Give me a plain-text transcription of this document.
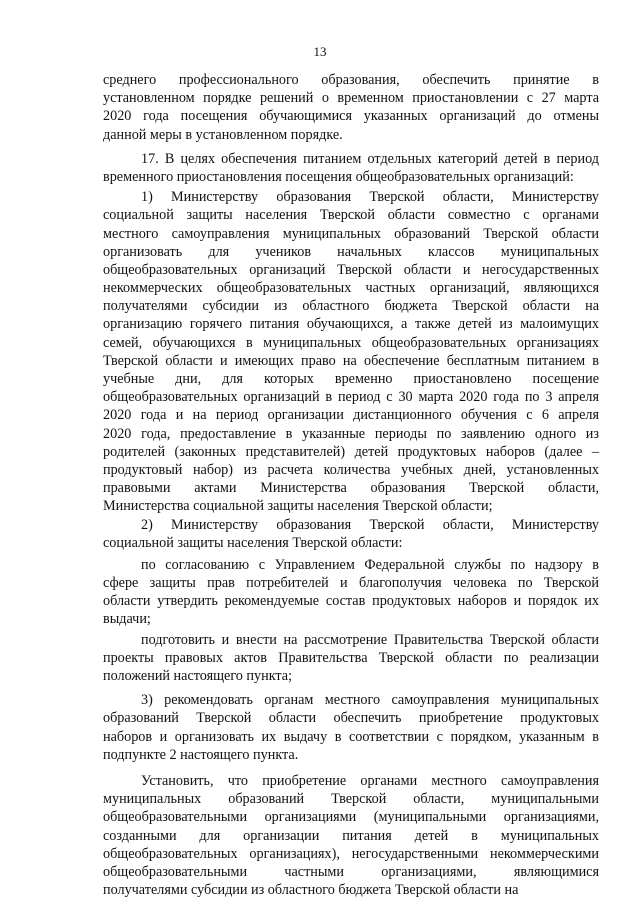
13
среднего профессионального образования, обеспечить принятие в
установленном порядке решений о временном приостановлении с 27 марта
2020 года посещения обучающимися указанных организаций до отмены
данной меры в установленном порядке.
17. В целях обеспечения питанием отдельных категорий детей в период
временного приостановления посещения общеобразовательных организаций:
1) Министерству образования Тверской области, Министерству
социальной защиты населения Тверской области совместно с органами
местного самоуправления муниципальных образований Тверской области
организовать для учеников начальных классов муниципальных
общеобразовательных организаций Тверской области и негосударственных
некоммерческих общеобразовательных частных организаций, являющихся
получателями субсидии из областного бюджета Тверской области на
организацию горячего питания обучающихся, а также детей из малоимущих
семей, обучающихся в муниципальных общеобразовательных организациях
Тверской области и имеющих право на обеспечение бесплатным питанием в
учебные дни, для которых временно приостановлено посещение
общеобразовательных организаций в период с 30 марта 2020 года по 3 апреля
2020 года и на период организации дистанционного обучения с 6 апреля
2020 года, предоставление в указанные периоды по заявлению одного из
родителей (законных представителей) детей продуктовых наборов (далее –
продуктовый набор) из расчета количества учебных дней, установленных
правовыми актами Министерства образования Тверской области,
Министерства социальной защиты населения Тверской области;
2) Министерству образования Тверской области, Министерству
социальной защиты населения Тверской области:
по согласованию с Управлением Федеральной службы по надзору в
сфере защиты прав потребителей и благополучия человека по Тверской
области утвердить рекомендуемые состав продуктовых наборов и порядок их
выдачи;
подготовить и внести на рассмотрение Правительства Тверской области
проекты правовых актов Правительства Тверской области по реализации
положений настоящего пункта;
3) рекомендовать органам местного самоуправления муниципальных
образований Тверской области обеспечить приобретение продуктовых
наборов и организовать их выдачу в соответствии с порядком, указанным в
подпункте 2 настоящего пункта.
Установить, что приобретение органами местного самоуправления
муниципальных образований Тверской области, муниципальными
общеобразовательными организациями (муниципальными организациями,
созданными для организации питания детей в муниципальных
общеобразовательных организациях), негосударственными некоммерческими
общеобразовательными частными организациями, являющимися
получателями субсидии из областного бюджета Тверской области на
